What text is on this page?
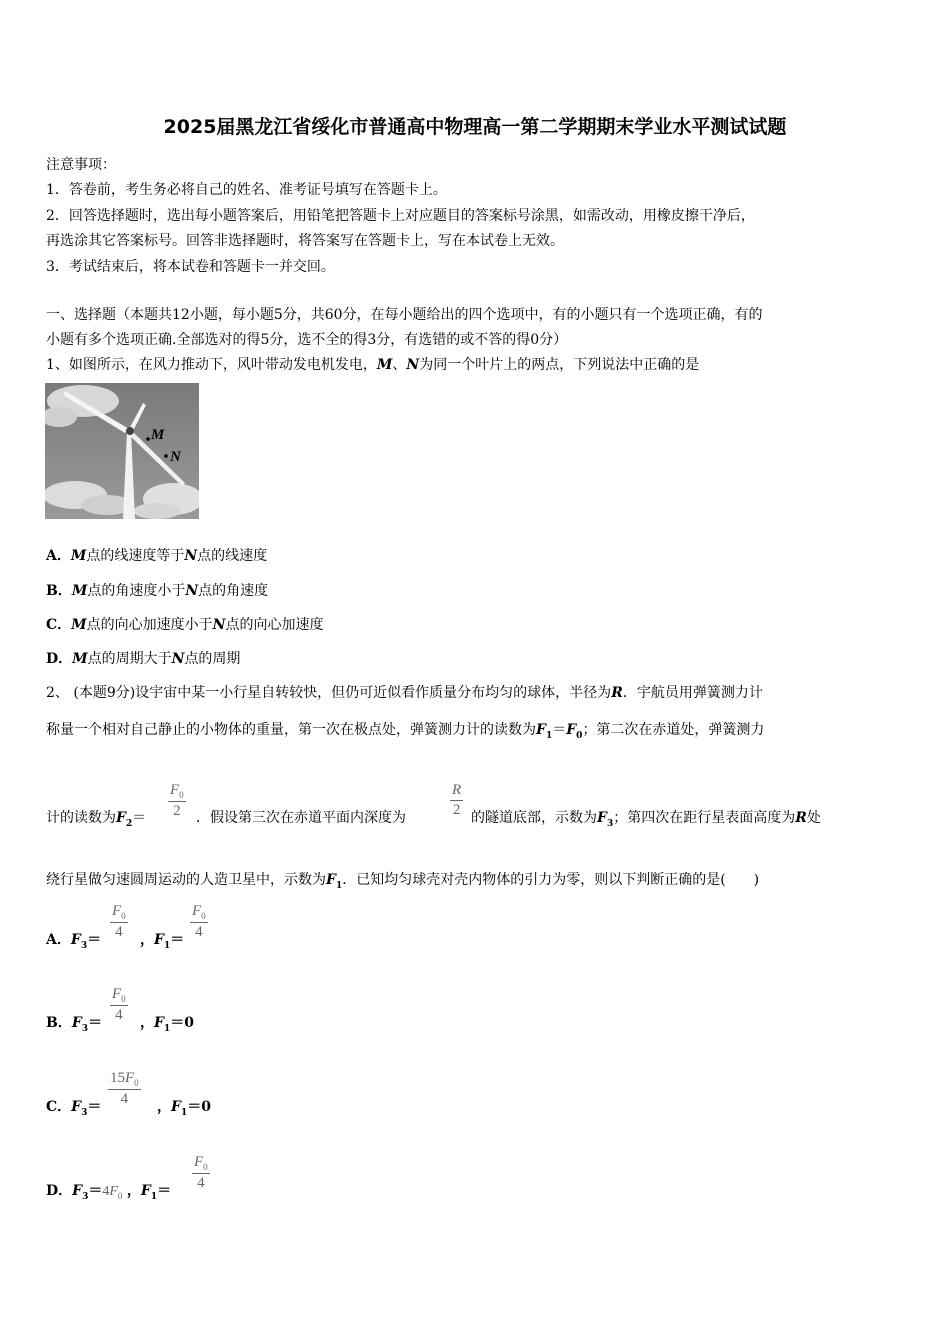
2025届黑龙江省绥化市普通高中物理高一第二学期期末学业水平测试试题
注意事项：
1．答卷前，考生务必将自己的姓名、准考证号填写在答题卡上。
2．回答选择题时，选出每小题答案后，用铅笔把答题卡上对应题目的答案标号涂黑，如需改动，用橡皮擦干净后，
再选涂其它答案标号。回答非选择题时，将答案写在答题卡上，写在本试卷上无效。
3．考试结束后，将本试卷和答题卡一并交回。
一、选择题（本题共12小题，每小题5分，共60分，在每小题给出的四个选项中，有的小题只有一个选项正确，有的
小题有多个选项正确.全部选对的得5分，选不全的得3分，有选错的或不答的得0分）
1、如图所示，在风力推动下，风叶带动发电机发电，M、N为同一个叶片上的两点，下列说法中正确的是
M
N
A．M点的线速度等于N点的线速度
B．M点的角速度小于N点的角速度
C．M点的向心加速度小于N点的向心加速度
D．M点的周期大于N点的周期
2、 (本题9分)设宇宙中某一小行星自转较快，但仍可近似看作质量分布均匀的球体，半径为R．宇航员用弹簧测力计
称量一个相对自己静止的小物体的重量，第一次在极点处，弹簧测力计的读数为$F_1=F_0$；第二次在赤道处，弹簧测力
计的读数为$F_2=$
$F_0$
2	．假设第三次在赤道平面内深度为
R
2 的隧道底部，示数为$F_3$；第四次在距行星表面高度为R处
绕行星做匀速圆周运动的人造卫星中，示数为$F_1$．已知均匀球壳对壳内物体的引力为零，则以下判断正确的是(　　)
A．$F_3=$
$F_0$
4	，$F_1=$
$F_0$
4
B．$F_3=$
$F_0$
4	，$F_1=0$
C．$F_3=$
$15F_0$
4	，$F_1=0$
D．$F_3=4F_0$ ，$F_1=$
$F_0$
4
